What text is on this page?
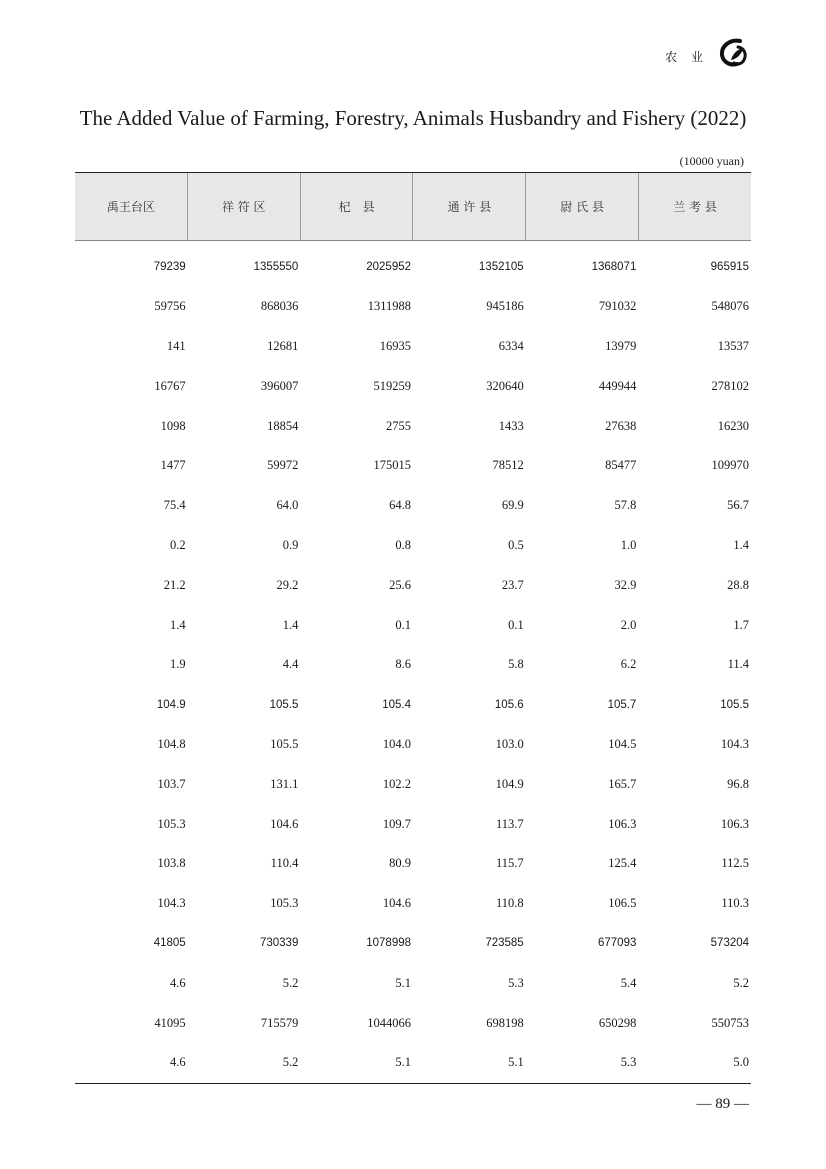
农 业
The Added Value of Farming, Forestry, Animals Husbandry and Fishery (2022)
(10000 yuan)
禹王台区	祥 符 区	杞　县	通 许 县	尉 氏 县	兰 考 县
79239	1355550	2025952	1352105	1368071	965915
59756	868036	1311988	945186	791032	548076
141	12681	16935	6334	13979	13537
16767	396007	519259	320640	449944	278102
1098	18854	2755	1433	27638	16230
1477	59972	175015	78512	85477	109970
75.4	64.0	64.8	69.9	57.8	56.7
0.2	0.9	0.8	0.5	1.0	1.4
21.2	29.2	25.6	23.7	32.9	28.8
1.4	1.4	0.1	0.1	2.0	1.7
1.9	4.4	8.6	5.8	6.2	11.4
104.9	105.5	105.4	105.6	105.7	105.5
104.8	105.5	104.0	103.0	104.5	104.3
103.7	131.1	102.2	104.9	165.7	96.8
105.3	104.6	109.7	113.7	106.3	106.3
103.8	110.4	80.9	115.7	125.4	112.5
104.3	105.3	104.6	110.8	106.5	110.3
41805	730339	1078998	723585	677093	573204
4.6	5.2	5.1	5.3	5.4	5.2
41095	715579	1044066	698198	650298	550753
4.6	5.2	5.1	5.1	5.3	5.0
— 89 —
